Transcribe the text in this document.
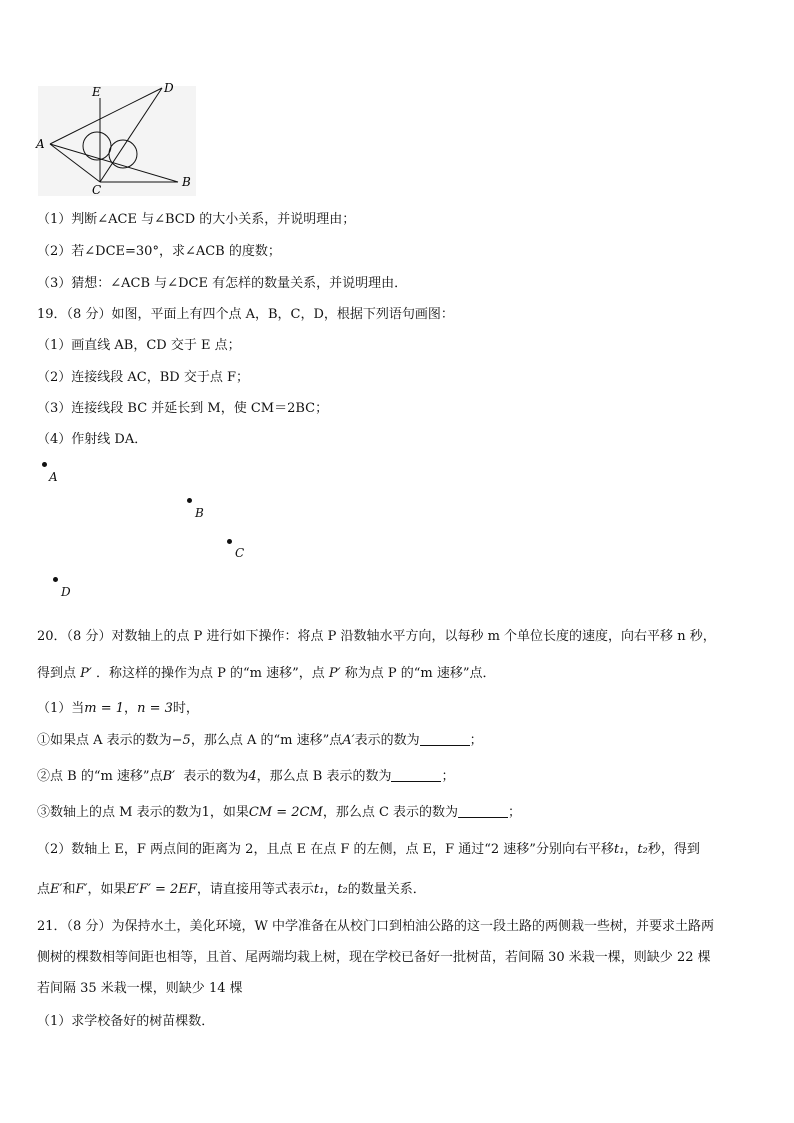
A
E	D
C
B
（1）判断∠ACE 与∠BCD 的大小关系，并说明理由；
（2）若∠DCE=30°，求∠ACB 的度数；
（3）猜想：∠ACB 与∠DCE 有怎样的数量关系，并说明理由．
19．（8 分）如图，平面上有四个点 A，B，C，D，根据下列语句画图：
（1）画直线 AB，CD 交于 E 点；
（2）连接线段 AC，BD 交于点 F；
（3）连接线段 BC 并延长到 M，使 CM＝2BC；
（4）作射线 DA．
A
B
C
D
20．（8 分）对数轴上的点 P 进行如下操作：将点 P 沿数轴水平方向，以每秒 m 个单位长度的速度，向右平移 n 秒，
得到点 P′ ．称这样的操作为点 P 的“m 速移”，点 P′ 称为点 P 的“m 速移”点．
（1）当m = 1，n = 3时，
①如果点 A 表示的数为−5，那么点 A 的“m 速移”点A′表示的数为	；
②点 B 的“m 速移”点B′ 表示的数为4，那么点 B 表示的数为	；
③数轴上的点 M 表示的数为1，如果CM = 2CM，那么点 C 表示的数为	；
（2）数轴上 E，F 两点间的距离为 2，且点 E 在点 F 的左侧，点 E，F 通过“2 速移”分别向右平移t₁，t₂秒，得到
点E′和F′，如果E′F′ = 2EF，请直接用等式表示t₁，t₂的数量关系．
21．（8 分）为保持水土，美化环境，W 中学准备在从校门口到柏油公路的这一段土路的两侧栽一些树，并要求土路两
侧树的棵数相等间距也相等，且首、尾两端均栽上树，现在学校已备好一批树苗，若间隔 30 米栽一棵，则缺少 22 棵
若间隔 35 米栽一棵，则缺少 14 棵
（1）求学校备好的树苗棵数．
